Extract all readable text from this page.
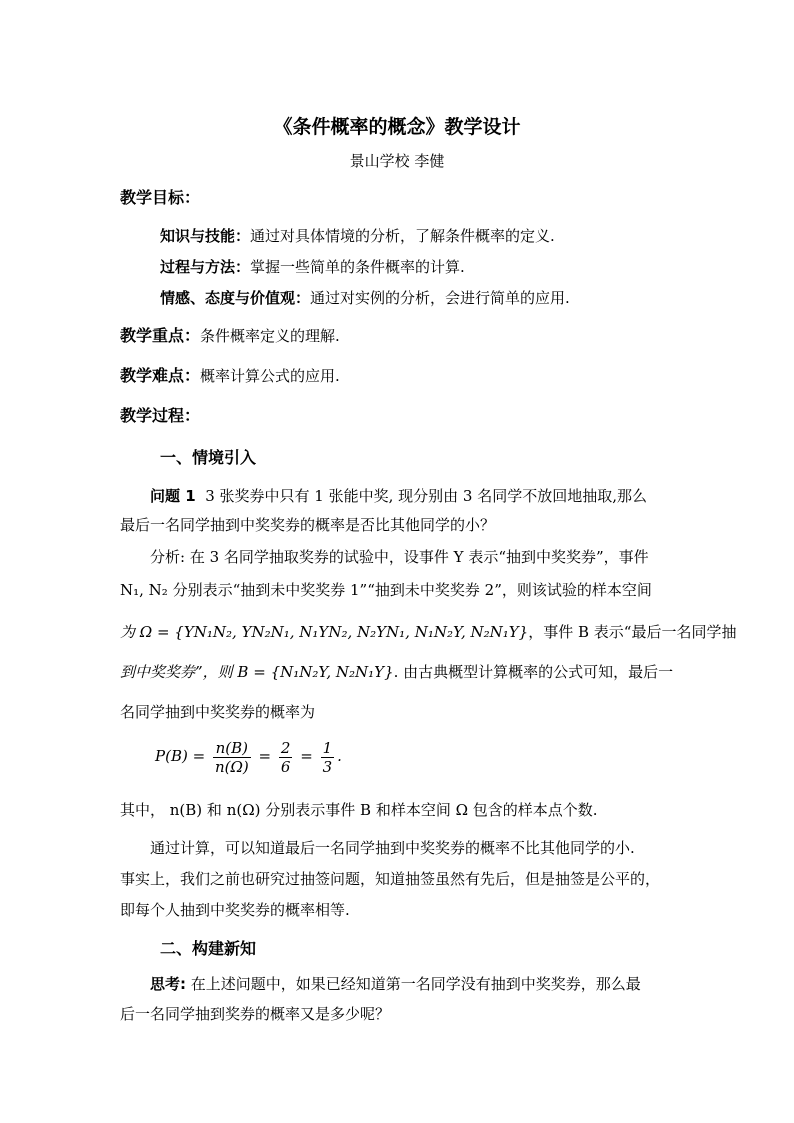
《条件概率的概念》教学设计
景山学校 李健
教学目标：
知识与技能：通过对具体情境的分析，了解条件概率的定义.
过程与方法：掌握一些简单的条件概率的计算.
情感、态度与价值观：通过对实例的分析，会进行简单的应用.
教学重点：条件概率定义的理解.
教学难点：概率计算公式的应用.
教学过程：
一、情境引入
问题 1 3 张奖券中只有 1 张能中奖, 现分别由 3 名同学不放回地抽取,那么
最后一名同学抽到中奖奖券的概率是否比其他同学的小？
分析: 在 3 名同学抽取奖券的试验中，设事件 Y 表示“抽到中奖奖券”，事件
N₁, N₂ 分别表示“抽到未中奖奖券 1”“抽到未中奖奖券 2”，则该试验的样本空间
为 Ω = {YN₁N₂, YN₂N₁, N₁YN₂, N₂YN₁, N₁N₂Y, N₂N₁Y}，事件 B 表示“最后一名同学抽
到中奖奖券”，则 B = {N₁N₂Y, N₂N₁Y}. 由古典概型计算概率的公式可知，最后一
名同学抽到中奖奖券的概率为
$P(B) = \frac{n(B)}{n(\Omega)} = \frac{2}{6} = \frac{1}{3}$ .
其中， n(B) 和 n(Ω) 分别表示事件 B 和样本空间 Ω 包含的样本点个数.
通过计算，可以知道最后一名同学抽到中奖奖券的概率不比其他同学的小.
事实上，我们之前也研究过抽签问题，知道抽签虽然有先后，但是抽签是公平的，
即每个人抽到中奖奖券的概率相等.
二、构建新知
思考: 在上述问题中，如果已经知道第一名同学没有抽到中奖奖券，那么最
后一名同学抽到奖券的概率又是多少呢？
